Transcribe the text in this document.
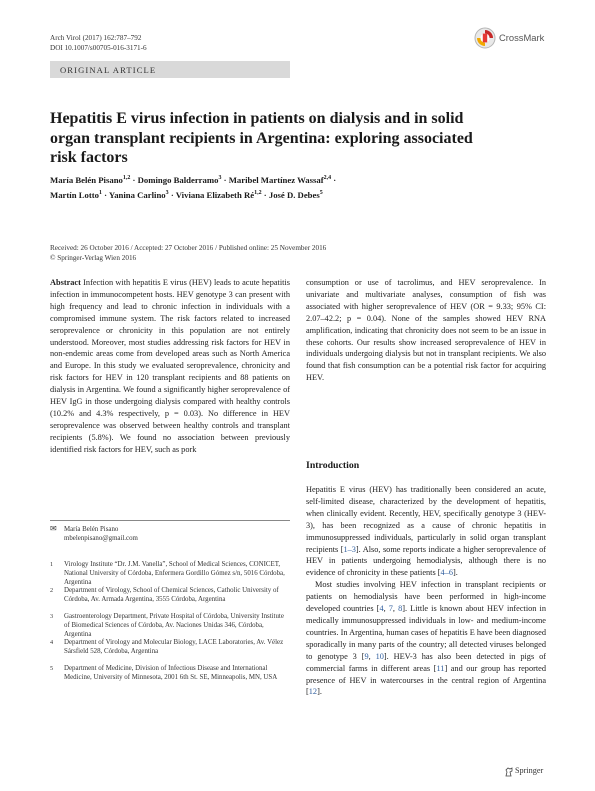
Arch Virol (2017) 162:787–792
DOI 10.1007/s00705-016-3171-6
CrossMark
ORIGINAL ARTICLE
Hepatitis E virus infection in patients on dialysis and in solid organ transplant recipients in Argentina: exploring associated risk factors
María Belén Pisano$^{1,2}$ · Domingo Balderramo$^3$ · Maribel Martínez Wassaf$^{2,4}$ ·
Martín Lotto$^1$ · Yanina Carlino$^3$ · Viviana Elizabeth Ré$^{1,2}$ · José D. Debes$^5$
Received: 26 October 2016 / Accepted: 27 October 2016 / Published online: 25 November 2016
© Springer-Verlag Wien 2016

Abstract Infection with hepatitis E virus (HEV) leads to acute hepatitis infection in immunocompetent hosts. HEV genotype 3 can present with high frequency and lead to chronic infection in individuals with a compromised immune system. The risk factors related to increased seroprevalence or chronicity in this population are not entirely understood. Moreover, most studies addressing risk factors for HEV in non-endemic areas come from developed areas such as North America and Europe. In this study we evaluated seroprevalence, chronicity and risk factors for HEV in 120 transplant recipients and 88 patients on dialysis in Argentina. We found a significantly higher seroprevalence of HEV IgG in those undergoing dialysis compared with healthy controls (10.2% and 4.3% respectively, p = 0.03). No difference in HEV seroprevalence was observed between healthy controls and transplant recipients (5.8%). We found no association between previously identified risk factors for HEV, such as pork

consumption or use of tacrolimus, and HEV seroprevalence. In univariate and multivariate analyses, consumption of fish was associated with higher seroprevalence of HEV (OR = 9.33; 95% CI: 2.07–42.2; p = 0.04). None of the samples showed HEV RNA amplification, indicating that chronicity does not seem to be an issue in these cohorts. Our results show increased seroprevalence of HEV in individuals undergoing dialysis but not in transplant recipients. We also found that fish consumption can be a potential risk factor for acquiring HEV.

✉ María Belén Pisano
mbelenpisano@gmail.com
1 Virology Institute “Dr. J.M. Vanella”, School of Medical Sciences, CONICET, National University of Córdoba, Enfermera Gordillo Gómez s/n, 5016 Córdoba, Argentina
2 Department of Virology, School of Chemical Sciences, Catholic University of Córdoba, Av. Armada Argentina, 3555 Córdoba, Argentina
3 Gastroenterology Department, Private Hospital of Córdoba, University Institute of Biomedical Sciences of Córdoba, Av. Naciones Unidas 346, Córdoba, Argentina
4 Department of Virology and Molecular Biology, LACE Laboratories, Av. Vélez Sársfield 528, Córdoba, Argentina
5 Department of Medicine, Division of Infectious Disease and International Medicine, University of Minnesota, 2001 6th St. SE, Minneapolis, MN, USA
Introduction

Hepatitis E virus (HEV) has traditionally been considered an acute, self-limited disease, characterized by the development of hepatitis, when clinically evident. Recently, HEV, specifically genotype 3 (HEV-3), has been recognized as a cause of chronic hepatitis in immunosuppressed individuals, particularly in solid organ transplant recipients [1–3]. Also, some reports indicate a higher seroprevalence of HEV in patients undergoing hemodialysis, although there is no evidence of chronicity in these patients [4–6].

Most studies involving HEV infection in transplant recipients or patients on hemodialysis have been performed in high-income developed countries [4, 7, 8]. Little is known about HEV infection in medically immunosuppressed individuals in low- and medium-income countries. In Argentina, human cases of hepatitis E have been diagnosed sporadically in many parts of the country; all detected viruses belonged to genotype 3 [9, 10]. HEV-3 has also been detected in pigs of commercial farms in different areas [11] and our group has reported presence of HEV in watercourses in the central region of Argentina [12].

Springer
